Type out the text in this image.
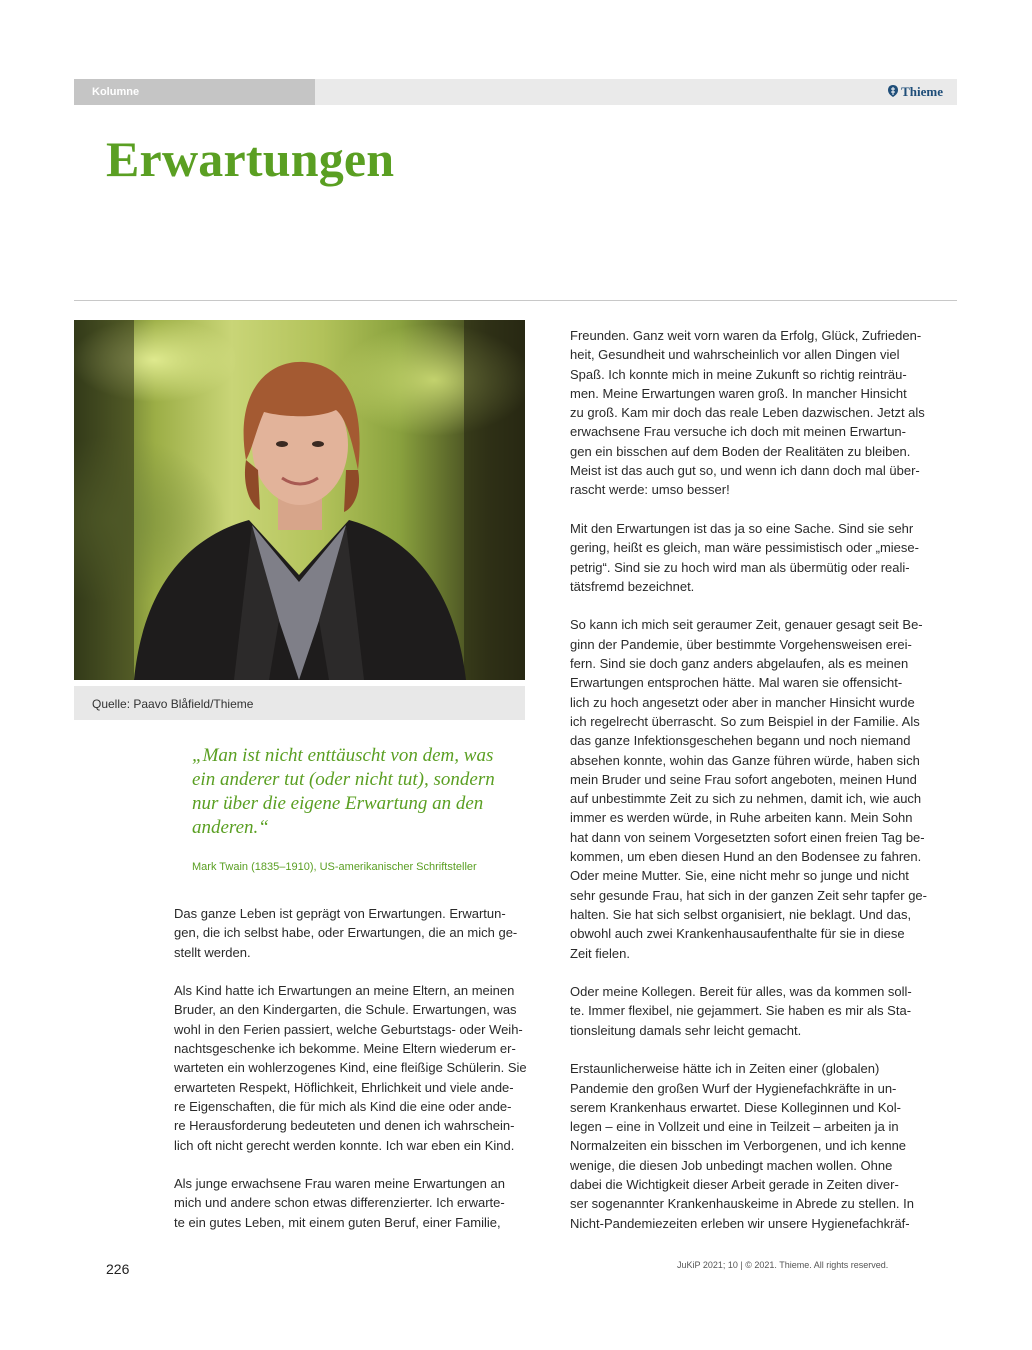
Kolumne	Thieme
Erwartungen
Quelle: Paavo Blåfield/Thieme

„Man ist nicht enttäuscht von dem, was ein anderer tut (oder nicht tut), sondern nur über die eigene Erwartung an den anderen.“

Mark Twain (1835–1910), US-amerikanischer Schriftsteller

Das ganze Leben ist geprägt von Erwartungen. Erwartun-
gen, die ich selbst habe, oder Erwartungen, die an mich ge-
stellt werden.

Als Kind hatte ich Erwartungen an meine Eltern, an meinen
Bruder, an den Kindergarten, die Schule. Erwartungen, was
wohl in den Ferien passiert, welche Geburtstags- oder Weih-
nachtsgeschenke ich bekomme. Meine Eltern wiederum er-
warteten ein wohlerzogenes Kind, eine fleißige Schülerin. Sie
erwarteten Respekt, Höflichkeit, Ehrlichkeit und viele ande-
re Eigenschaften, die für mich als Kind die eine oder ande-
re Herausforderung bedeuteten und denen ich wahrschein-
lich oft nicht gerecht werden konnte. Ich war eben ein Kind.

Als junge erwachsene Frau waren meine Erwartungen an
mich und andere schon etwas differenzierter. Ich erwarte-
te ein gutes Leben, mit einem guten Beruf, einer Familie,

Freunden. Ganz weit vorn waren da Erfolg, Glück, Zufrieden-
heit, Gesundheit und wahrscheinlich vor allen Dingen viel
Spaß. Ich konnte mich in meine Zukunft so richtig reinträu-
men. Meine Erwartungen waren groß. In mancher Hinsicht
zu groß. Kam mir doch das reale Leben dazwischen. Jetzt als
erwachsene Frau versuche ich doch mit meinen Erwartun-
gen ein bisschen auf dem Boden der Realitäten zu bleiben.
Meist ist das auch gut so, und wenn ich dann doch mal über-
rascht werde: umso besser!

Mit den Erwartungen ist das ja so eine Sache. Sind sie sehr
gering, heißt es gleich, man wäre pessimistisch oder „miese-
petrig“. Sind sie zu hoch wird man als übermütig oder reali-
tätsfremd bezeichnet.

So kann ich mich seit geraumer Zeit, genauer gesagt seit Be-
ginn der Pandemie, über bestimmte Vorgehensweisen erei-
fern. Sind sie doch ganz anders abgelaufen, als es meinen
Erwartungen entsprochen hätte. Mal waren sie offensicht-
lich zu hoch angesetzt oder aber in mancher Hinsicht wurde
ich regelrecht überrascht. So zum Beispiel in der Familie. Als
das ganze Infektionsgeschehen begann und noch niemand
absehen konnte, wohin das Ganze führen würde, haben sich
mein Bruder und seine Frau sofort angeboten, meinen Hund
auf unbestimmte Zeit zu sich zu nehmen, damit ich, wie auch
immer es werden würde, in Ruhe arbeiten kann. Mein Sohn
hat dann von seinem Vorgesetzten sofort einen freien Tag be-
kommen, um eben diesen Hund an den Bodensee zu fahren.
Oder meine Mutter. Sie, eine nicht mehr so junge und nicht
sehr gesunde Frau, hat sich in der ganzen Zeit sehr tapfer ge-
halten. Sie hat sich selbst organisiert, nie beklagt. Und das,
obwohl auch zwei Krankenhausaufenthalte für sie in diese
Zeit fielen.

Oder meine Kollegen. Bereit für alles, was da kommen soll-
te. Immer flexibel, nie gejammert. Sie haben es mir als Sta-
tionsleitung damals sehr leicht gemacht.

Erstaunlicherweise hätte ich in Zeiten einer (globalen)
Pandemie den großen Wurf der Hygienefachkräfte in un-
serem Krankenhaus erwartet. Diese Kolleginnen und Kol-
legen – eine in Vollzeit und eine in Teilzeit – arbeiten ja in
Normalzeiten ein bisschen im Verborgenen, und ich kenne
wenige, die diesen Job unbedingt machen wollen. Ohne
dabei die Wichtigkeit dieser Arbeit gerade in Zeiten diver-
ser sogenannter Krankenhauskeime in Abrede zu stellen. In
Nicht-Pandemiezeiten erleben wir unsere Hygienefachkräf-

226	JuKiP 2021; 10 | © 2021. Thieme. All rights reserved.
